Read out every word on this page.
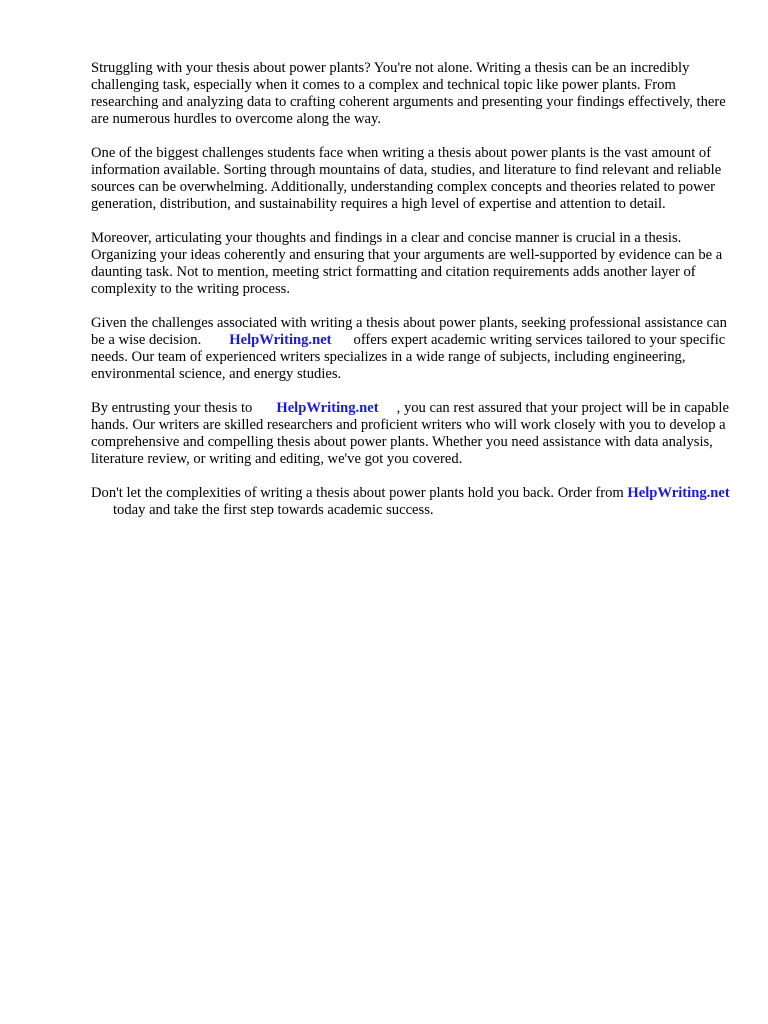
Struggling with your thesis about power plants? You're not alone. Writing a thesis can be an incredibly challenging task, especially when it comes to a complex and technical topic like power plants. From researching and analyzing data to crafting coherent arguments and presenting your findings effectively, there are numerous hurdles to overcome along the way.

One of the biggest challenges students face when writing a thesis about power plants is the vast amount of information available. Sorting through mountains of data, studies, and literature to find relevant and reliable sources can be overwhelming. Additionally, understanding complex concepts and theories related to power generation, distribution, and sustainability requires a high level of expertise and attention to detail.

Moreover, articulating your thoughts and findings in a clear and concise manner is crucial in a thesis. Organizing your ideas coherently and ensuring that your arguments are well-supported by evidence can be a daunting task. Not to mention, meeting strict formatting and citation requirements adds another layer of complexity to the writing process.

Given the challenges associated with writing a thesis about power plants, seeking professional assistance can be a wise decision. HelpWriting.net offers expert academic writing services tailored to your specific needs. Our team of experienced writers specializes in a wide range of subjects, including engineering, environmental science, and energy studies.

By entrusting your thesis to HelpWriting.net , you can rest assured that your project will be in capable hands. Our writers are skilled researchers and proficient writers who will work closely with you to develop a comprehensive and compelling thesis about power plants. Whether you need assistance with data analysis, literature review, or writing and editing, we've got you covered.

Don't let the complexities of writing a thesis about power plants hold you back. Order from HelpWriting.nettoday and take the first step towards academic success.
